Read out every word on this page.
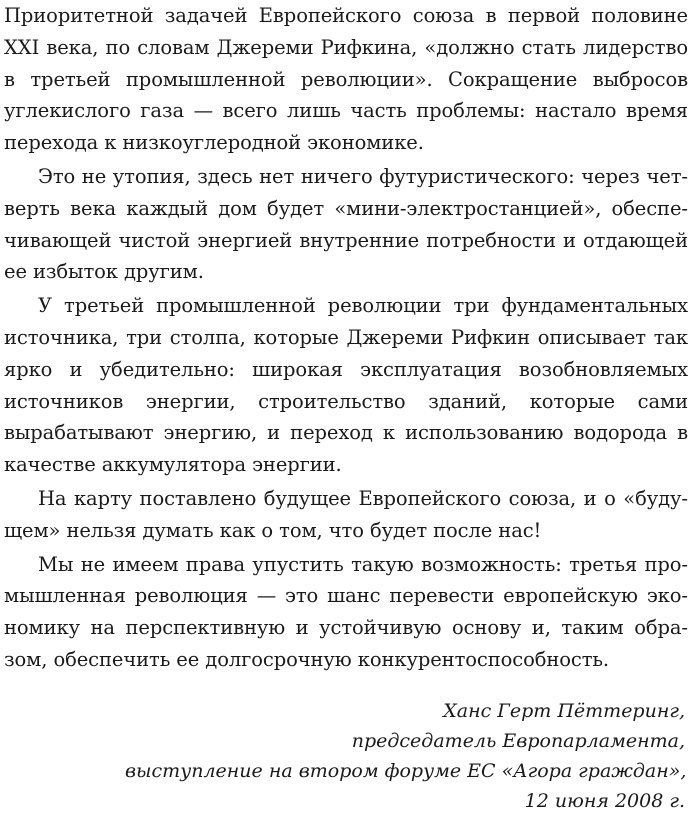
Приоритетной задачей Европейского союза в первой половине XXI века, по словам Джереми Рифкина, «должно стать лидерство в третьей промышленной революции». Сокращение выбросов углекислого газа — всего лишь часть проблемы: настало время перехода к низкоуглеродной экономике.

Это не утопия, здесь нет ничего футуристического: через четверть века каждый дом будет «мини-электростанцией», обеспечивающей чистой энергией внутренние потребности и отдающей ее избыток другим.

У третьей промышленной революции три фундаментальных источника, три столпа, которые Джереми Рифкин описывает так ярко и убедительно: широкая эксплуатация возобновляемых источников энергии, строительство зданий, которые сами вырабатывают энергию, и переход к использованию водорода в качестве аккумулятора энергии.

На карту поставлено будущее Европейского союза, и о «будущем» нельзя думать как о том, что будет после нас!

Мы не имеем права упустить такую возможность: третья промышленная революция — это шанс перевести европейскую экономику на перспективную и устойчивую основу и, таким образом, обеспечить ее долгосрочную конкурентоспособность.

Ханс Герт Пёттеринг,
председатель Европарламента,
выступление на втором форуме ЕС «Агора граждан»,
12 июня 2008 г.
